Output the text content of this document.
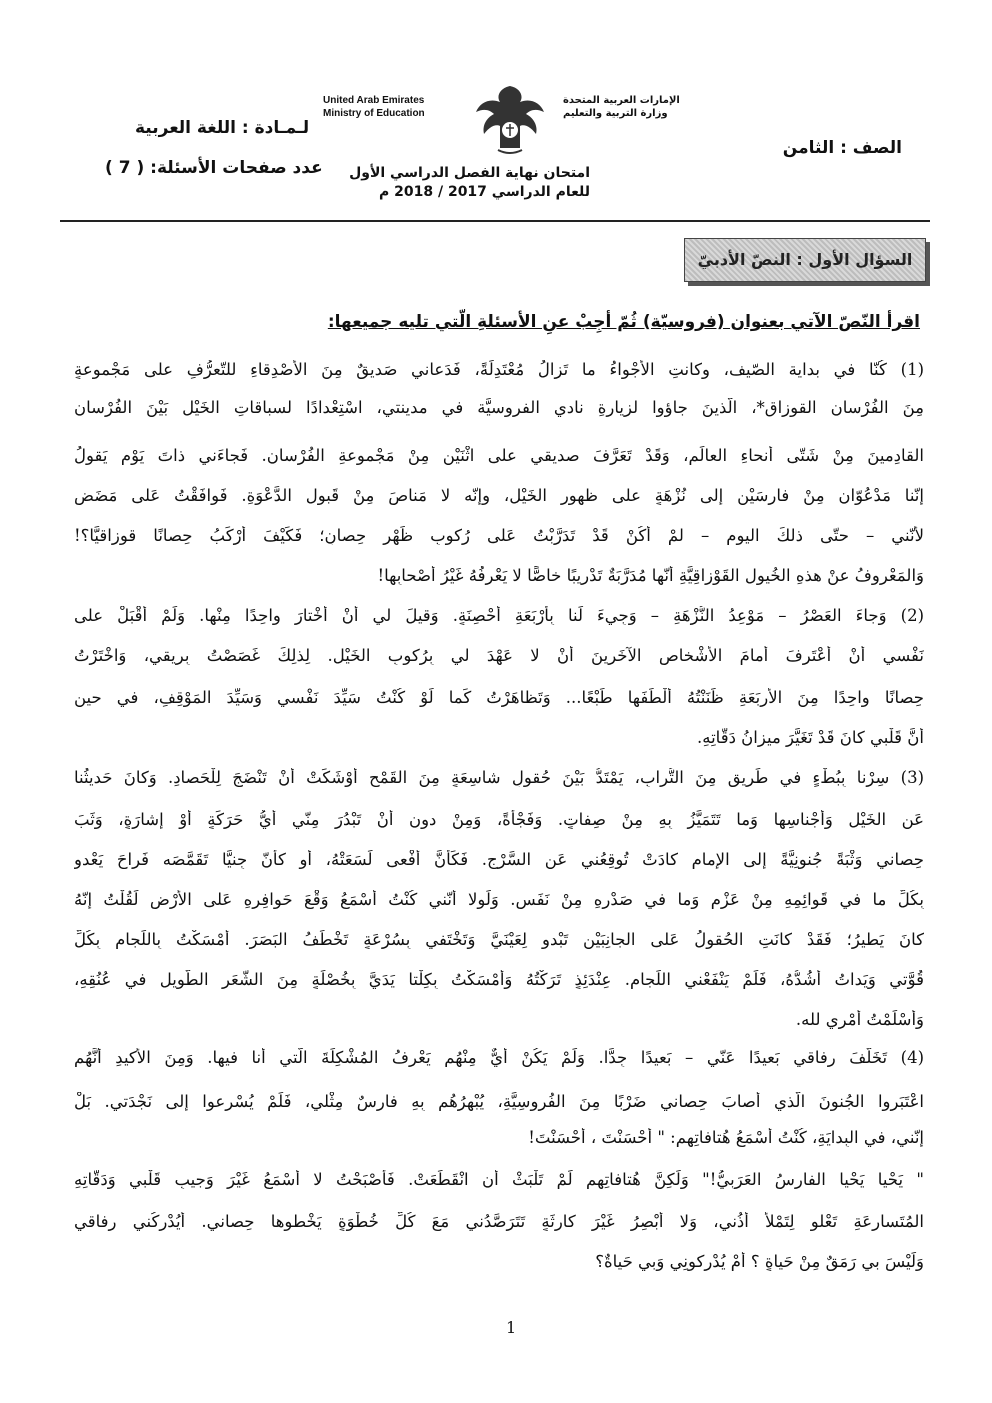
الصف : الثامن
لـمـادة : اللغة العربية
عدد صفحات الأسئلة: ( 7 )
United Arab Emirates
Ministry of Education
الإمارات العربية المتحدة
وزارة التربية والتعليم
امتحان نهاية الفصل الدراسي الأول
للعام الدراسي 2017 / 2018 م
السؤال الأول : النصّ الأدبيّ
اقرأ النّصّ الآتي بعنوان (فروسيّة) ثُمّ أجِبْ عنِ الأسئلةِ الّتي تليه جميعها:
(1) كُنّا في بداية الصّيف، وكانتِ الأجْواءُ ما تَزالُ مُعْتَدِلَةً، فَدَعاني صَديقٌ مِنَ الأصْدِقاءِ للتّعرُّفِ على مَجْموعةٍ
مِنَ الفُرْسانِ القوزاق*، الّذينَ جاؤوا لزيارةِ نادي الفروسيَّة في مدينتي، اسْتِعْدادًا لسباقاتِ الخَيْلِ بَيْنَ الفُرْسانِ
القادِمينَ مِنْ شَتّى أنحاءِ العالَمِ، وَقَدْ تَعَرَّفَ صديقي على اثْنَيْنِ مِنْ مَجْموعةِ الفُرْسانِ. فَجاءَني ذاتَ يَوْمٍ يَقولُ
إنّنا مَدْعُوّانِ مِنْ فارِسَيْنِ إلى نُزْهَةٍ على ظهورِ الخَيْلِ، وإنّه لا مَناصَ مِنْ قَبولِ الدَّعْوَةِ. فَوافَقْتُ عَلى مَضَضٍ
لأنّني – حتّى ذلكَ اليومِ – لمْ أكُنْ قَدْ تَدَرَّبْتُ عَلى رُكوبِ ظَهْرِ حِصانٍ؛ فَكَيْفَ أرْكَبُ حِصانًا قوزاقيًّا؟!
وَالمَعْروفُ عنْ هذهِ الخُيولِ القَوْزاقِيَّةِ أنّها مُدَرَّبَةٌ تَدْريبًا خاصًّا لا يَعْرِفُهُ غَيْرُ أصْحابِها!
(2) وَجاءَ العَصْرُ – مَوْعِدُ النُّزْهَةِ – وَجِيءَ لَنا بِأرْبَعَةِ أحْصِنَةٍ. وَقيلَ لي أنْ أَخْتارَ واحِدًا مِنْها. وَلَمْ أَقْبَلْ على
نَفْسي أنْ أعْتَرِفَ أمامَ الأشْخاصِ الآخَرينَ أنْ لا عَهْدَ لي بِرُكوبِ الخَيْلِ. لِذلِكَ غَصَصْتُ بِريقي، وَاخْتَرْتُ
حِصانًا واحِدًا مِنَ الأربَعَةِ ظَنَنْتُهُ ألْطَفَها طَبْعًا... وَتَظاهَرْتُ كَما لَوْ كُنْتُ سَيِّدَ نَفْسي وَسَيِّدَ المَوْقِفِ، في حينِ
أنَّ قَلْبي كانَ قَدْ تَغَيَّرَ ميزانُ دَقّاتِهِ.
(3) سِرْنا بِبُطْءٍ في طَريقٍ مِنَ التُّرابِ، يَمْتَدُّ بَيْنَ حُقولٍ شاسِعَةٍ مِنَ القَمْحِ أوْشَكَتْ أنْ تَنْضَجَ لِلْحَصادِ. وَكانَ حَديثُنا
عَنِ الخَيْلِ وَأجْناسِها وَما تَتَمَيَّزُ بِهِ مِنْ صِفاتٍ. وَفَجْأةً، وَمِنْ دونِ أنْ تَبْدُرَ مِنّي أيُّ حَرَكَةٍ أوْ إشارَةٍ، وَثَبَ
حِصاني وَثْبَةً جُنونِيَّةً إلى الإمامِ كادَتْ تُوقِعُني عَنِ السَّرْجِ. فَكَأنَّ أفْعى لَسَعَتْهُ، أو كأنّ جِنيًّا تَقَمَّصَه فَراحَ يَعْدو
بِكُلِّ ما في قَوائِمِهِ مِنْ عَزْمٍ وَما في صَدْرِهِ مِنْ نَفَسٍ. وَلَولا أنّني كُنْتُ أسْمَعُ وَقْعَ حَوافِرِهِ عَلى الأرْضِ لَقُلْتُ إنّهُ
كانَ يَطيرُ؛ فَقَدْ كانَتِ الحُقولُ عَلى الجانِبَيْنِ تَبْدو لِعَيْنَيَّ وَتَخْتَفي بِسُرْعَةٍ تَخْطَفُ البَصَرَ. أمْسَكْتُ بِاللِّجامِ بِكُلِّ
قُوَّتي وَيَداتُ أشُدُّهُ، فَلَمْ يَنْفَعْني اللِّجام. عِنْدَئِذٍ تَرَكْتُهُ وَأمْسَكْتُ بِكِلْتا يَدَيَّ بِخُصْلَةٍ مِنَ الشَّعَرِ الطَّويلِ في عُنُقِهِ،
وَأسْلَمْتُ أمْري لله.
(4) تَخَلَّفَ رِفاقي بَعيدًا عَنّي – بَعيدًا جِدًّا. وَلَمْ يَكُنْ أيٌّ مِنْهُم يَعْرِفُ المُشْكِلَةَ الّتي أنا فيها. وَمِنَ الأكيدِ أنَّهُم
اعْتَبَروا الجُنونَ الّذي أصابَ حِصاني ضَرْبًا مِنَ الفُروسِيَّةِ، يُبْهِرُهُم بِهِ فارِسٌ مِثْلي، فَلَمْ يُسْرِعوا إلى نَجْدَتي. بَلْ
إنّني، في البِدايَةِ، كُنْتُ أسْمَعُ هُتافاتِهِم: " أحْسَنْتَ ، أحْسَنْتَ!
" يَحْيا يَحْيا الفارِسُ العَرَبِيُّ!" وَلَكِنَّ هُتافاتِهِم لَمْ تَلْبَثْ أنِ انْقَطَعَتْ. فَأصْبَحْتُ لا أسْمَعُ غَيْرَ وَجيبِ قَلْبي وَدَقّاتِهِ
المُتَسارِعَةِ تَعْلو لِتَمْلأَ أُذُني، وَلا أُبْصِرُ غَيْرَ كارِثَةٍ تَتَرَصَّدُني مَعَ كُلِّ خُطْوَةٍ يَخْطوها حِصاني. أيُدْرِكُني رِفاقي
وَلَيْسَ بي رَمَقٌ مِنْ حَياةٍ ؟ أَمْ يُدْرِكونِي وَبي حَياةٌ؟
1
